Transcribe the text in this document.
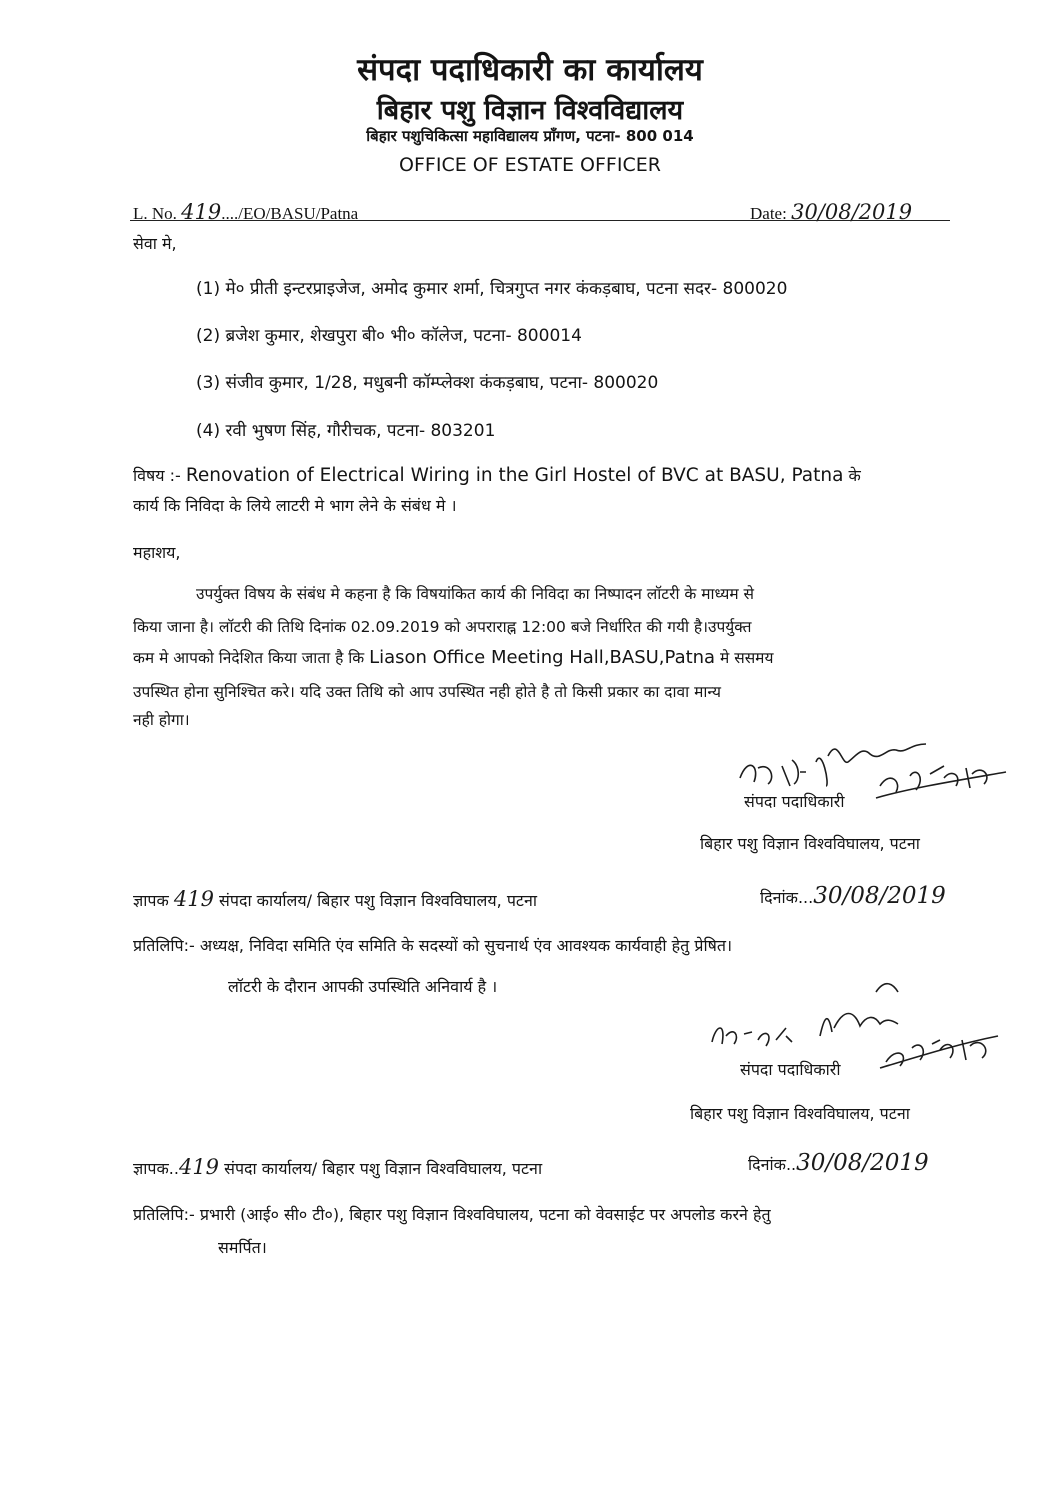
संपदा पदाधिकारी का कार्यालय
बिहार पशु विज्ञान विश्वविद्यालय
बिहार पशुचिकित्सा महाविद्यालय प्राँगण, पटना- 800 014
OFFICE OF ESTATE OFFICER
L. No. 419..../EO/BASU/Patna	Date: 30/08/2019
सेवा मे,
(1) मे० प्रीती इन्टरप्राइजेज, अमोद कुमार शर्मा, चित्रगुप्त नगर कंकड़बाघ, पटना सदर- 800020
(2) ब्रजेश कुमार, शेखपुरा बी० भी० कॉलेज, पटना- 800014
(3) संजीव कुमार, 1/28, मधुबनी कॉम्प्लेक्श कंकड़बाघ, पटना- 800020
(4) रवी भुषण सिंह, गौरीचक, पटना- 803201
विषय :- Renovation of Electrical Wiring in the Girl Hostel of BVC at BASU, Patna के
कार्य कि निविदा के लिये लाटरी मे भाग लेने के संबंध मे ।
महाशय,
उपर्युक्त विषय के संबंध मे कहना है कि विषयांकित कार्य की निविदा का निष्पादन लॉटरी के माध्यम से
किया जाना है। लॉटरी की तिथि दिनांक 02.09.2019 को अपराराह्न 12:00 बजे निर्धारित की गयी है।उपर्युक्त
कम मे आपको निदेशित किया जाता है कि Liason Office Meeting Hall,BASU,Patna मे ससमय
उपस्थित होना सुनिश्चित करे। यदि उक्त तिथि को आप उपस्थित नही होते है तो किसी प्रकार का दावा मान्य
नही होगा।
संपदा पदाधिकारी
बिहार पशु विज्ञान विश्वविघालय, पटना
ज्ञापक 419 संपदा कार्यालय/ बिहार पशु विज्ञान विश्वविघालय, पटना	दिनांक...30/08/2019
प्रतिलिपि:- अध्यक्ष, निविदा समिति एंव समिति के सदस्यों को सुचनार्थ एंव आवश्यक कार्यवाही हेतु प्रेषित।
लॉटरी के दौरान आपकी उपस्थिति अनिवार्य है ।
संपदा पदाधिकारी
बिहार पशु विज्ञान विश्वविघालय, पटना
ज्ञापक..419 संपदा कार्यालय/ बिहार पशु विज्ञान विश्वविघालय, पटना	दिनांक..30/08/2019
प्रतिलिपि:- प्रभारी (आई० सी० टी०), बिहार पशु विज्ञान विश्वविघालय, पटना को वेवसाईट पर अपलोड करने हेतु
समर्पित।
